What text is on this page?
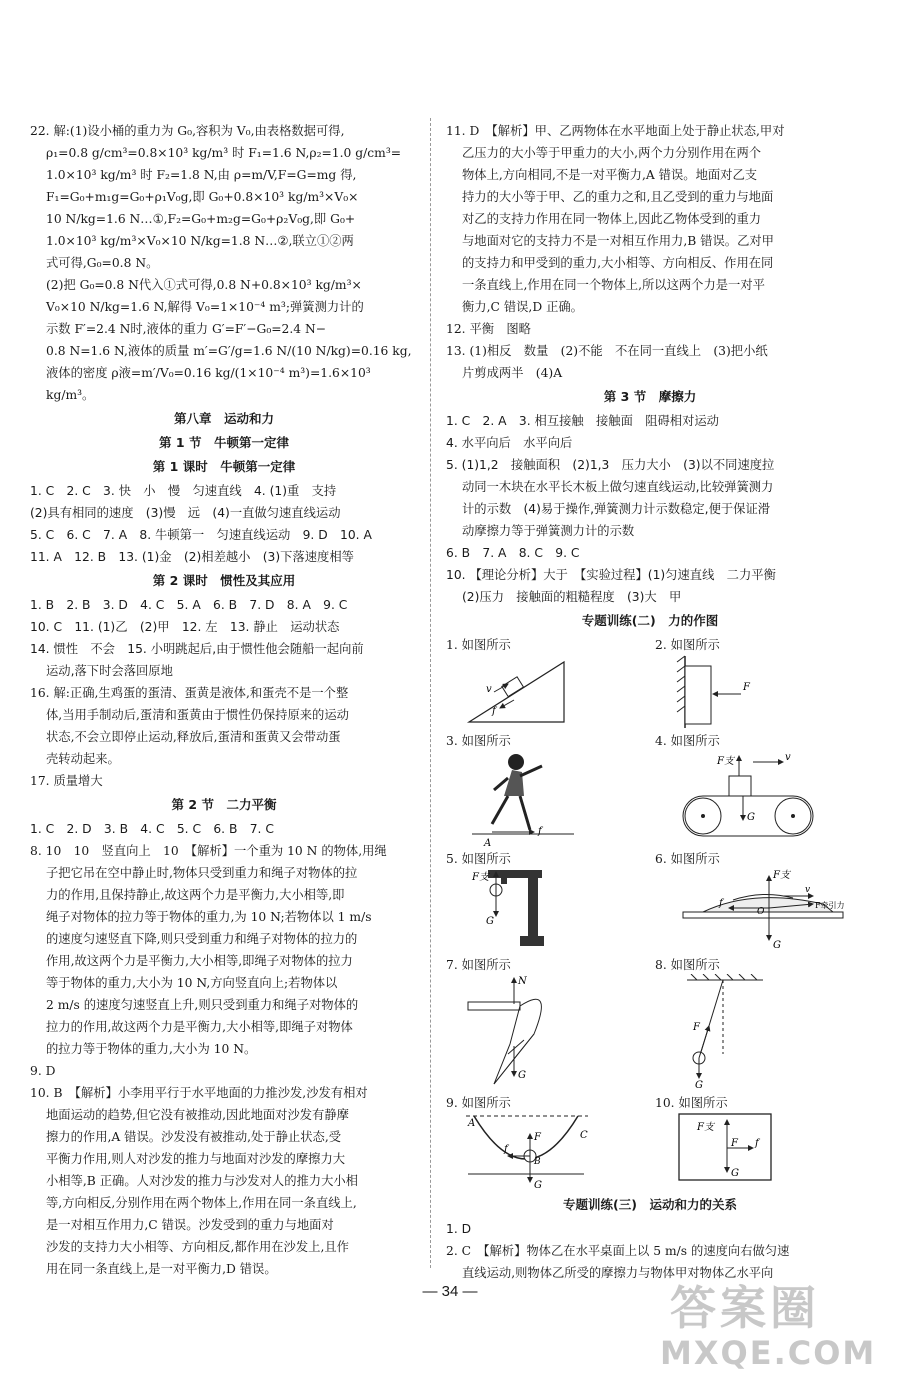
22. 解:(1)设小桶的重力为 G₀,容积为 V₀,由表格数据可得,

ρ₁=0.8 g/cm³=0.8×10³ kg/m³ 时 F₁=1.6 N,ρ₂=1.0 g/cm³=

1.0×10³ kg/m³ 时 F₂=1.8 N,由 ρ=m/V,F=G=mg 得,

F₁=G₀+m₁g=G₀+ρ₁V₀g,即 G₀+0.8×10³ kg/m³×V₀×

10 N/kg=1.6 N…①,F₂=G₀+m₂g=G₀+ρ₂V₀g,即 G₀+

1.0×10³ kg/m³×V₀×10 N/kg=1.8 N…②,联立①②两

式可得,G₀=0.8 N。

(2)把 G₀=0.8 N代入①式可得,0.8 N+0.8×10³ kg/m³×

V₀×10 N/kg=1.6 N,解得 V₀=1×10⁻⁴ m³;弹簧测力计的

示数 F′=2.4 N时,液体的重力 G′=F′−G₀=2.4 N−

0.8 N=1.6 N,液体的质量 m′=G′/g=1.6 N/(10 N/kg)=0.16 kg,

液体的密度 ρ液=m′/V₀=0.16 kg/(1×10⁻⁴ m³)=1.6×10³ kg/m³。

第八章　运动和力

第 1 节　牛顿第一定律

第 1 课时　牛顿第一定律

1. C　2. C　3. 快　小　慢　匀速直线　4. (1)重　支持

(2)具有相同的速度　(3)慢　远　(4)一直做匀速直线运动

5. C　6. C　7. A　8. 牛顿第一　匀速直线运动　9. D　10. A

11. A　12. B　13. (1)金　(2)相差越小　(3)下落速度相等

第 2 课时　惯性及其应用

1. B　2. B　3. D　4. C　5. A　6. B　7. D　8. A　9. C

10. C　11. (1)乙　(2)甲　12. 左　13. 静止　运动状态

14. 惯性　不会　15. 小明跳起后,由于惯性他会随船一起向前

运动,落下时会落回原地

16. 解:正确,生鸡蛋的蛋清、蛋黄是液体,和蛋壳不是一个整

体,当用手制动后,蛋清和蛋黄由于惯性仍保持原来的运动

状态,不会立即停止运动,释放后,蛋清和蛋黄又会带动蛋

壳转动起来。

17. 质量增大

第 2 节　二力平衡

1. C　2. D　3. B　4. C　5. C　6. B　7. C

8. 10　10　竖直向上　10　【解析】一个重为 10 N 的物体,用绳

子把它吊在空中静止时,物体只受到重力和绳子对物体的拉

力的作用,且保持静止,故这两个力是平衡力,大小相等,即

绳子对物体的拉力等于物体的重力,为 10 N;若物体以 1 m/s

的速度匀速竖直下降,则只受到重力和绳子对物体的拉力的

作用,故这两个力是平衡力,大小相等,即绳子对物体的拉力

等于物体的重力,大小为 10 N,方向竖直向上;若物体以

2 m/s 的速度匀速竖直上升,则只受到重力和绳子对物体的

拉力的作用,故这两个力是平衡力,大小相等,即绳子对物体

的拉力等于物体的重力,大小为 10 N。

9. D

10. B　【解析】小李用平行于水平地面的力推沙发,沙发有相对

地面运动的趋势,但它没有被推动,因此地面对沙发有静摩

擦力的作用,A 错误。沙发没有被推动,处于静止状态,受

平衡力作用,则人对沙发的推力与地面对沙发的摩擦力大

小相等,B 正确。人对沙发的推力与沙发对人的推力大小相

等,方向相反,分别作用在两个物体上,作用在同一条直线上,

是一对相互作用力,C 错误。沙发受到的重力与地面对

沙发的支持力大小相等、方向相反,都作用在沙发上,且作

用在同一条直线上,是一对平衡力,D 错误。

11. D　【解析】甲、乙两物体在水平地面上处于静止状态,甲对

乙压力的大小等于甲重力的大小,两个力分别作用在两个

物体上,方向相同,不是一对平衡力,A 错误。地面对乙支

持力的大小等于甲、乙的重力之和,且乙受到的重力与地面

对乙的支持力作用在同一物体上,因此乙物体受到的重力

与地面对它的支持力不是一对相互作用力,B 错误。乙对甲

的支持力和甲受到的重力,大小相等、方向相反、作用在同

一条直线上,作用在同一个物体上,所以这两个力是一对平

衡力,C 错误,D 正确。

12. 平衡　图略

13. (1)相反　数量　(2)不能　不在同一直线上　(3)把小纸

片剪成两半　(4)A

第 3 节　摩擦力

1. C　2. A　3. 相互接触　接触面　阻碍相对运动

4. 水平向后　水平向后

5. (1)1,2　接触面积　(2)1,3　压力大小　(3)以不同速度拉

动同一木块在水平长木板上做匀速直线运动,比较弹簧测力

计的示数　(4)易于操作,弹簧测力计示数稳定,便于保证滑

动摩擦力等于弹簧测力计的示数

6. B　7. A　8. C　9. C

10. 【理论分析】大于　【实验过程】(1)匀速直线　二力平衡

(2)压力　接触面的粗糙程度　(3)大　甲

专题训练(二)　力的作图

1. 如图所示
v
f
2. 如图所示
F
3. 如图所示
A
f
4. 如图所示
F支	v
G
5. 如图所示
F支
G
6. 如图所示
F支
v
F牵引力
f
O
G
7. 如图所示
N
G
8. 如图所示
F
G
9. 如图所示
A
C
B
F
f
G
10. 如图所示
F支
F f
G

专题训练(三)　运动和力的关系

1. D

2. C　【解析】物体乙在水平桌面上以 5 m/s 的速度向右做匀速

直线运动,则物体乙所受的摩擦力与物体甲对物体乙水平向

— 34 —	答案圈
MXQE.COM
